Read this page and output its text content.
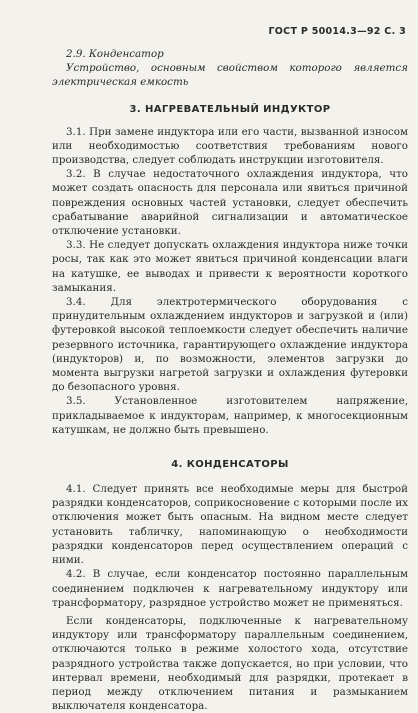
ГОСТ Р 50014.3—92 С. 3

2.9. Конденсатор

Устройство, основным свойством которого является электрическая емкость

3. НАГРЕВАТЕЛЬНЫЙ ИНДУКТОР

3.1. При замене индуктора или его части, вызванной износом или необходимостью соответствия требованиям нового производства, следует соблюдать инструкции изготовителя.

3.2. В случае недостаточного охлаждения индуктора, что может создать опасность для персонала или явиться причиной повреждения основных частей установки, следует обеспечить срабатывание аварийной сигнализации и автоматическое отключение установки.

3.3. Не следует допускать охлаждения индуктора ниже точки росы, так как это может явиться причиной конденсации влаги на катушке, ее выводах и привести к вероятности короткого замыкания.

3.4. Для электротермического оборудования с принудительным охлаждением индукторов и загрузкой и (или) футеровкой высокой теплоемкости следует обеспечить наличие резервного источника, гарантирующего охлаждение индуктора (индукторов) и, по возможности, элементов загрузки до момента выгрузки нагретой загрузки и охлаждения футеровки до безопасного уровня.

3.5. Установленное изготовителем напряжение, прикладываемое к индукторам, например, к многосекционным катушкам, не должно быть превышено.

4. КОНДЕНСАТОРЫ

4.1. Следует принять все необходимые меры для быстрой разрядки конденсаторов, соприкосновение с которыми после их отключения может быть опасным. На видном месте следует установить табличку, напоминающую о необходимости разрядки конденсаторов перед осуществлением операций с ними.

4.2. В случае, если конденсатор постоянно параллельным соединением подключен к нагревательному индуктору или трансформатору, разрядное устройство может не применяться.

Если конденсаторы, подключенные к нагревательному индуктору или трансформатору параллельным соединением, отключаются только в режиме холостого хода, отсутствие разрядного устройства также допускается, но при условии, что интервал времени, необходимый для разрядки, протекает в период между отключением питания и размыканием выключателя конденсатора.
